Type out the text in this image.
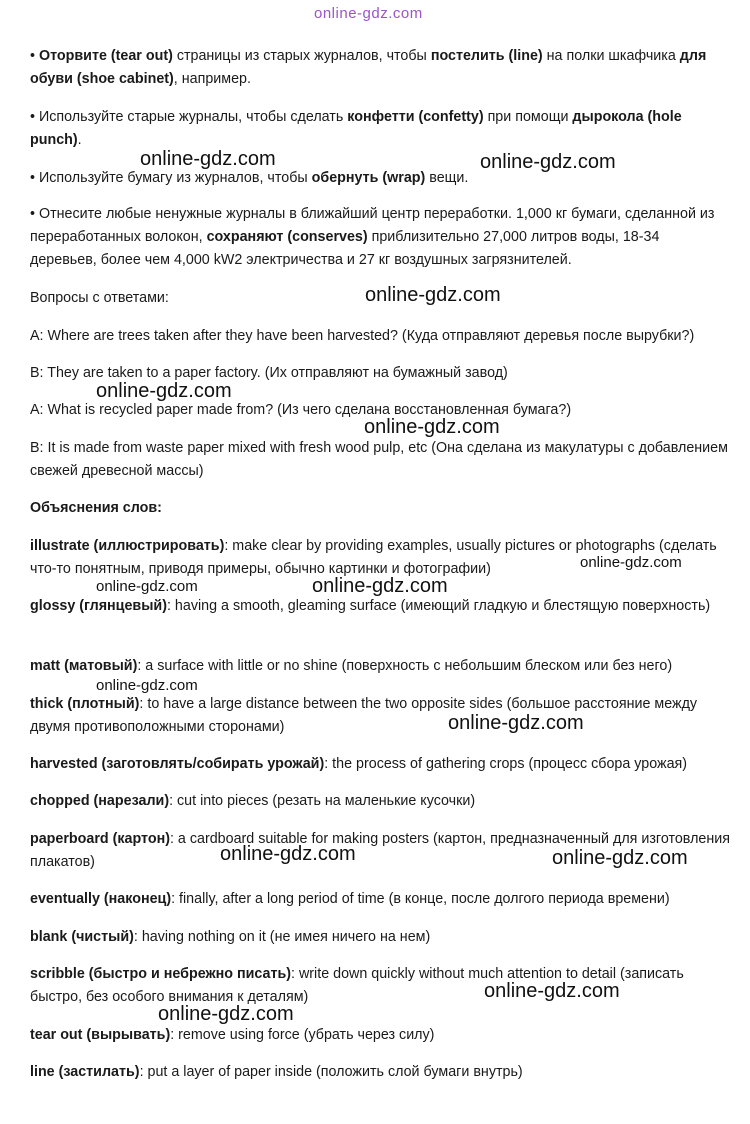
online-gdz.com

• Оторвите (tear out) страницы из старых журналов, чтобы постелить (line) на полки шкафчика для обуви (shoe cabinet), например.

• Используйте старые журналы, чтобы сделать конфетти (confetty) при помощи дырокола (hole punch).

• Используйте бумагу из журналов, чтобы обернуть (wrap) вещи.

• Отнесите любые ненужные журналы в ближайший центр переработки. 1,000 кг бумаги, сделанной из переработанных волокон, сохраняют (conserves) приблизительно 27,000 литров воды, 18-34 деревьев, более чем 4,000 kW2 электричества и 27 кг воздушных загрязнителей.

Вопросы с ответами:

A: Where are trees taken after they have been harvested? (Куда отправляют деревья после вырубки?)

B: They are taken to a paper factory. (Их отправляют на бумажный завод)

A: What is recycled paper made from? (Из чего сделана восстановленная бумага?)

B: It is made from waste paper mixed with fresh wood pulp, etc (Она сделана из макулатуры с добавлением свежей древесной массы)

Объяснения слов:

illustrate (иллюстрировать): make clear by providing examples, usually pictures or photographs (сделать что-то понятным, приводя примеры, обычно картинки и фотографии)

glossy (глянцевый): having a smooth, gleaming surface (имеющий гладкую и блестящую поверхность)

matt (матовый): a surface with little or no shine (поверхность с небольшим блеском или без него)

thick (плотный): to have a large distance between the two opposite sides (большое расстояние между двумя противоположными сторонами)

harvested (заготовлять/собирать урожай): the process of gathering crops (процесс сбора урожая)

chopped (нарезали): cut into pieces (резать на маленькие кусочки)

paperboard (картон): a cardboard suitable for making posters (картон, предназначенный для изготовления плакатов)

eventually (наконец): finally, after a long period of time (в конце, после долгого периода времени)

blank (чистый): having nothing on it (не имея ничего на нем)

scribble (быстро и небрежно писать): write down quickly without much attention to detail (записать быстро, без особого внимания к деталям)

tear out (вырывать): remove using force (убрать через силу)

line (застилать): put a layer of paper inside (положить слой бумаги внутрь)

online-gdz.com	online-gdz.com
online-gdz.com
online-gdz.com
online-gdz.com
online-gdz.com
online-gdz.com	online-gdz.com
online-gdz.com
online-gdz.com
online-gdz.com	online-gdz.com
online-gdz.com
online-gdz.com
